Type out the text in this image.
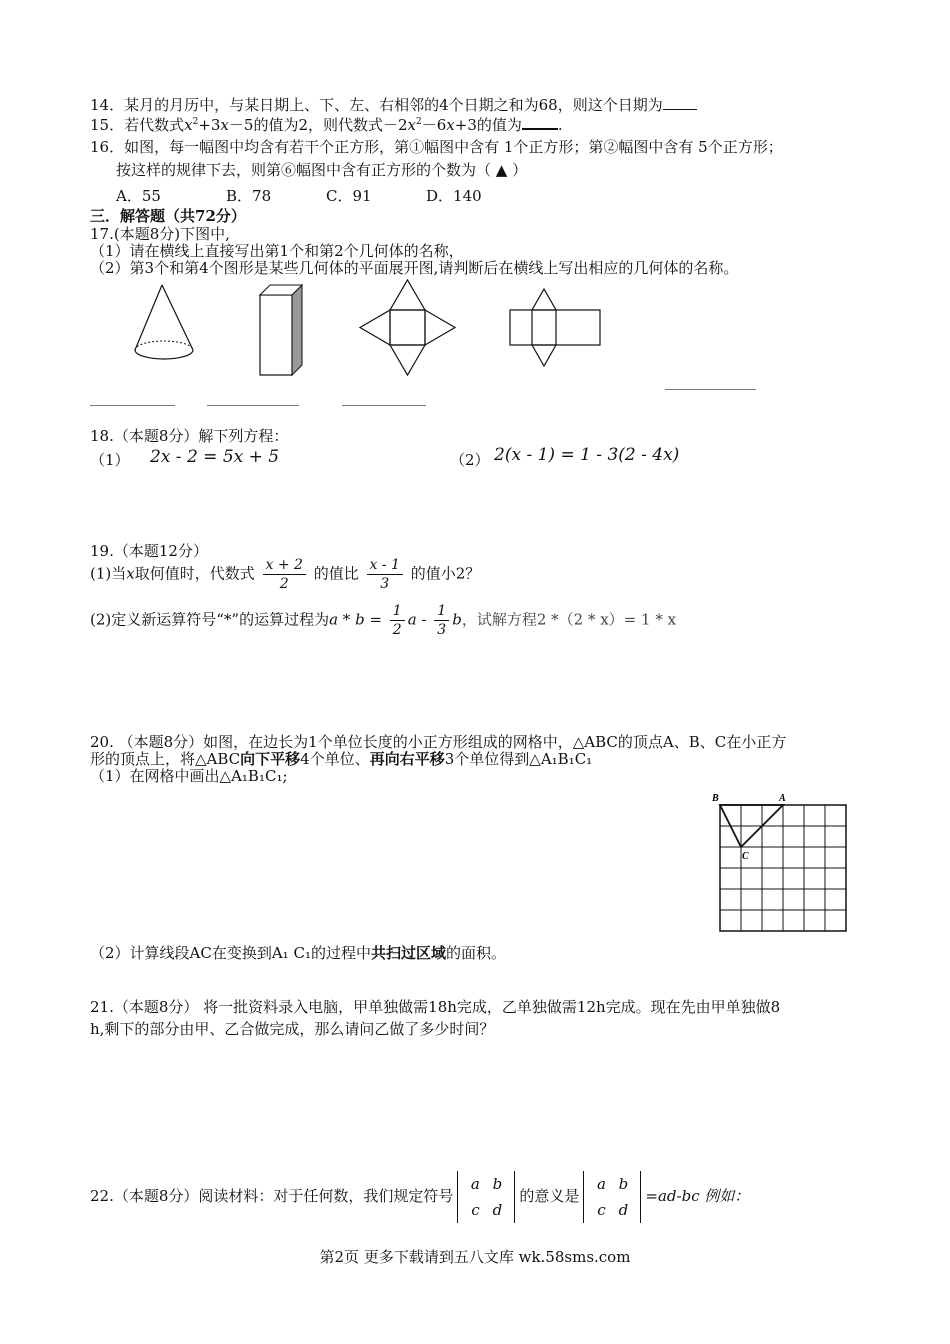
14．某月的月历中，与某日期上、下、左、右相邻的4个日期之和为68，则这个日期为
15．若代数式$x^2+3x-5$的值为2，则代数式$-2x^2-6x+3$的值为 .
16．如图，每一幅图中均含有若干个正方形，第①幅图中含有 1个正方形；第②幅图中含有 5个正方形；
按这样的规律下去，则第⑥幅图中含有正方形的个数为（ ▲ ）
A．55	B．78	C．91	D．140
三．解答题（共72分）
17.(本题8分)下图中,
（1）请在横线上直接写出第1个和第2个几何体的名称，
（2）第3个和第4个图形是某些几何体的平面展开图,请判断后在横线上写出相应的几何体的名称。
18.（本题8分）解下列方程：
（1） 2x - 2 = 5x + 5	（2） 2(x - 1) = 1 - 3(2 - 4x)
19.（本题12分）
(1)当x取何值时，代数式 $\frac{x + 2}{2}$ 的值比 $\frac{x - 1}{3}$ 的值小2？
(2)定义新运算符号“*”的运算过程为$a * b = \frac{1}{2}$ a - $\frac{1}{3}$ b，试解方程2 *（2 * x）= 1 * x
20. （本题8分）如图，在边长为1个单位长度的小正方形组成的网格中，△ABC的顶点A、B、C在小正方
形的顶点上，将△ABC向下平移4个单位、再向右平移3个单位得到△A₁B₁C₁
（1）在网格中画出△A₁B₁C₁;
B	A
C
（2）计算线段AC在变换到A₁ C₁的过程中共扫过区域的面积。
21.（本题8分） 将一批资料录入电脑，甲单独做需18h完成，乙单独做需12h完成。现在先由甲单独做8
h,剩下的部分由甲、乙合做完成，那么请问乙做了多少时间？
22.（本题8分）阅读材料：对于任何数，我们规定符号a b
c d的意义是a b
c d=ad-bc 例如：
第2页 更多下载请到五八文库 wk.58sms.com
